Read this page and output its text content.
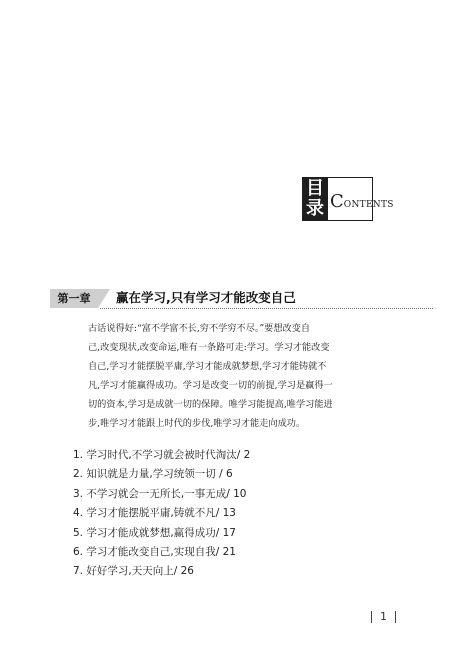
目
录 CONTENTS
第一章	赢在学习,只有学习才能改变自己
古话说得好:“富不学富不长,穷不学穷不尽。”要想改变自
己,改变现状,改变命运,唯有一条路可走:学习。学习才能改变
自己,学习才能摆脱平庸,学习才能成就梦想,学习才能铸就不
凡,学习才能赢得成功。学习是改变一切的前提,学习是赢得一
切的资本,学习是成就一切的保障。唯学习能提高,唯学习能进
步,唯学习才能跟上时代的步伐,唯学习才能走向成功。
1. 学习时代,不学习就会被时代淘汰/ 2
2. 知识就是力量,学习统领一切 / 6
3. 不学习就会一无所长,一事无成/ 10
4. 学习才能摆脱平庸,铸就不凡/ 13
5. 学习才能成就梦想,赢得成功/ 17
6. 学习才能改变自己,实现自我/ 21
7. 好好学习,天天向上/ 26
1
